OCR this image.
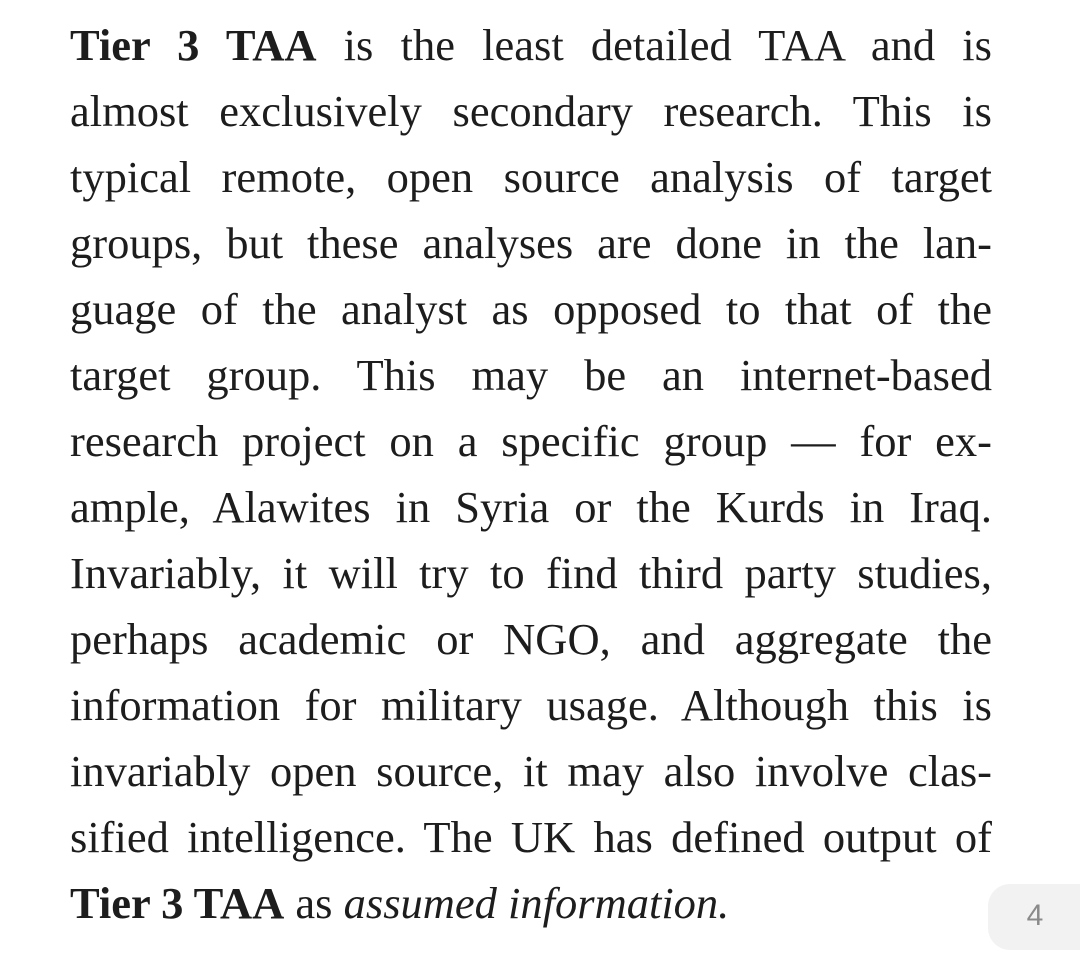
Tier 3 TAA is the least detailed TAA and is
almost exclusively secondary research. This is
typical remote, open source analysis of target
groups, but these analyses are done in the lan-
guage of the analyst as opposed to that of the
target group. This may be an internet-based
research project on a specific group — for ex-
ample, Alawites in Syria or the Kurds in Iraq.
Invariably, it will try to find third party studies,
perhaps academic or NGO, and aggregate the
information for military usage. Although this is
invariably open source, it may also involve clas-
sified intelligence. The UK has defined output of
Tier 3 TAA as assumed information.	4
